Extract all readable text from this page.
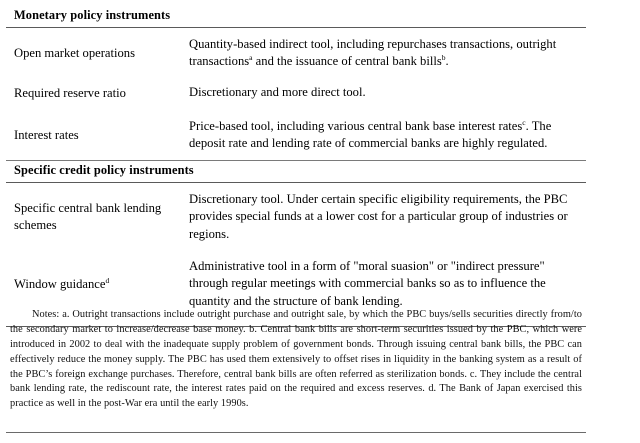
Monetary policy instruments
Open market operations
Quantity-based indirect tool, including repurchases transactions, outright transactions$^a$ and the issuance of central bank bills$^b$.
Required reserve ratio	Discretionary and more direct tool.
Interest rates
Price-based tool, including various central bank base interest rates$^c$. The deposit rate and lending rate of commercial banks are highly regulated.
Specific credit policy instruments
Specific central bank lending schemes
Discretionary tool. Under certain specific eligibility requirements, the PBC provides special funds at a lower cost for a particular group of industries or regions.
Window guidance$^d$
Administrative tool in a form of "moral suasion" or "indirect pressure" through regular meetings with commercial banks so as to influence the quantity and the structure of bank lending.
Notes: a. Outright transactions include outright purchase and outright sale, by which the PBC buys/sells securities directly from/to the secondary market to increase/decrease base money. b. Central bank bills are short-term securities issued by the PBC, which were introduced in 2002 to deal with the inadequate supply problem of government bonds. Through issuing central bank bills, the PBC can effectively reduce the money supply. The PBC has used them extensively to offset rises in liquidity in the banking system as a result of the PBC’s foreign exchange purchases. Therefore, central bank bills are often referred as sterilization bonds. c. They include the central bank lending rate, the rediscount rate, the interest rates paid on the required and excess reserves. d. The Bank of Japan exercised this practice as well in the post-War era until the early 1990s.
